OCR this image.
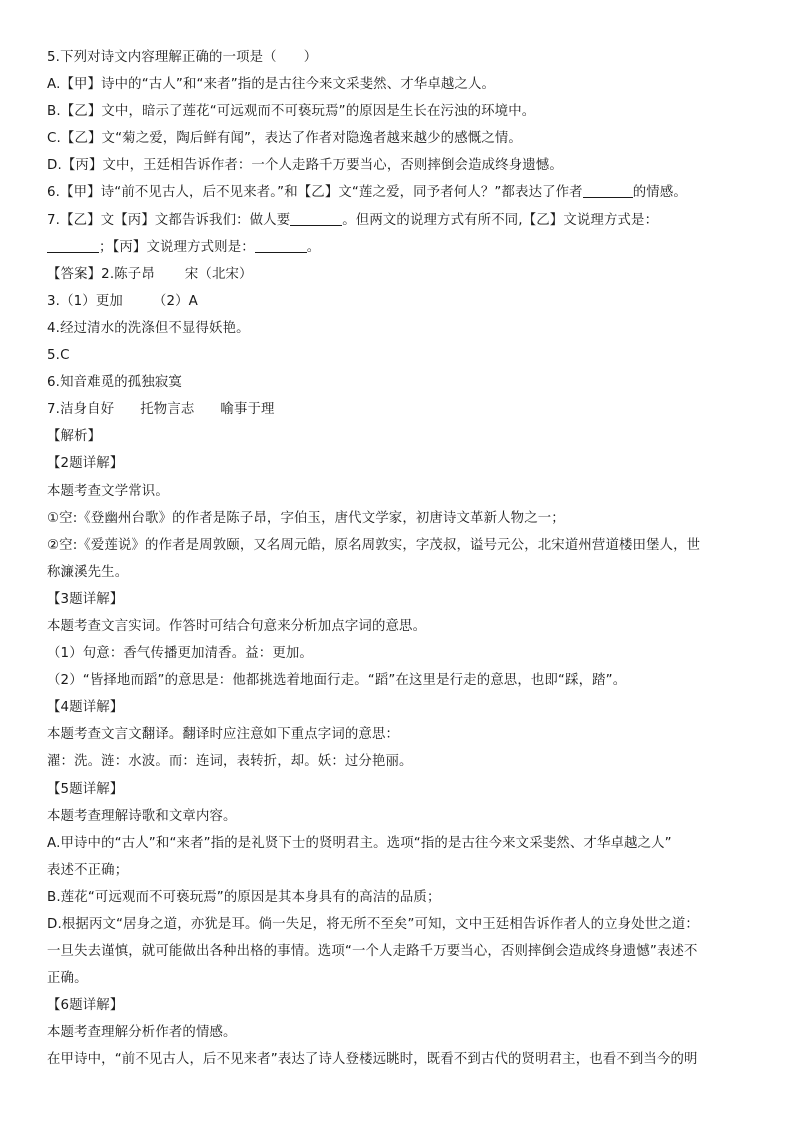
5.下列对诗文内容理解正确的一项是（　　）
A.【甲】诗中的“古人”和“来者”指的是古往今来文采斐然、才华卓越之人。
B.【乙】文中，暗示了莲花“可远观而不可亵玩焉”的原因是生长在污浊的环境中。
C.【乙】文“菊之爱，陶后鲜有闻”，表达了作者对隐逸者越来越少的感慨之情。
D.【丙】文中，王廷相告诉作者：一个人走路千万要当心，否则摔倒会造成终身遗憾。
6.【甲】诗“前不见古人，后不见来者。”和【乙】文“莲之爱，同予者何人？”都表达了作者	的情感。
7.【乙】文【丙】文都告诉我们：做人要	。但两文的说理方式有所不同,【乙】文说理方式是：
；【丙】文说理方式则是：	。
【答案】2.陈子昂 宋（北宋）
3.（1）更加 （2）A
4.经过清水的洗涤但不显得妖艳。
5.C
6.知音难觅的孤独寂寞
7.洁身自好 托物言志 喻事于理
【解析】
【2题详解】
本题考查文学常识。
①空:《登幽州台歌》的作者是陈子昂，字伯玉，唐代文学家，初唐诗文革新人物之一；
②空:《爱莲说》的作者是周敦颐，又名周元皓，原名周敦实，字茂叔，谥号元公，北宋道州营道楼田堡人，世
称濂溪先生。
【3题详解】
本题考查文言实词。作答时可结合句意来分析加点字词的意思。
（1）句意：香气传播更加清香。益：更加。
（2）“皆择地而蹈”的意思是：他都挑选着地面行走。“蹈”在这里是行走的意思，也即“踩，踏”。
【4题详解】
本题考查文言文翻译。翻译时应注意如下重点字词的意思：
濯：洗。涟：水波。而：连词，表转折，却。妖：过分艳丽。
【5题详解】
本题考查理解诗歌和文章内容。
A.甲诗中的“古人”和“来者”指的是礼贤下士的贤明君主。选项“指的是古往今来文采斐然、才华卓越之人”
表述不正确；
B.莲花“可远观而不可亵玩焉”的原因是其本身具有的高洁的品质；
D.根据丙文“居身之道，亦犹是耳。倘一失足，将无所不至矣”可知，文中王廷相告诉作者人的立身处世之道：
一旦失去谨慎，就可能做出各种出格的事情。选项“一个人走路千万要当心，否则摔倒会造成终身遗憾”表述不
正确。
【6题详解】
本题考查理解分析作者的情感。
在甲诗中，“前不见古人，后不见来者”表达了诗人登楼远眺时，既看不到古代的贤明君主，也看不到当今的明
